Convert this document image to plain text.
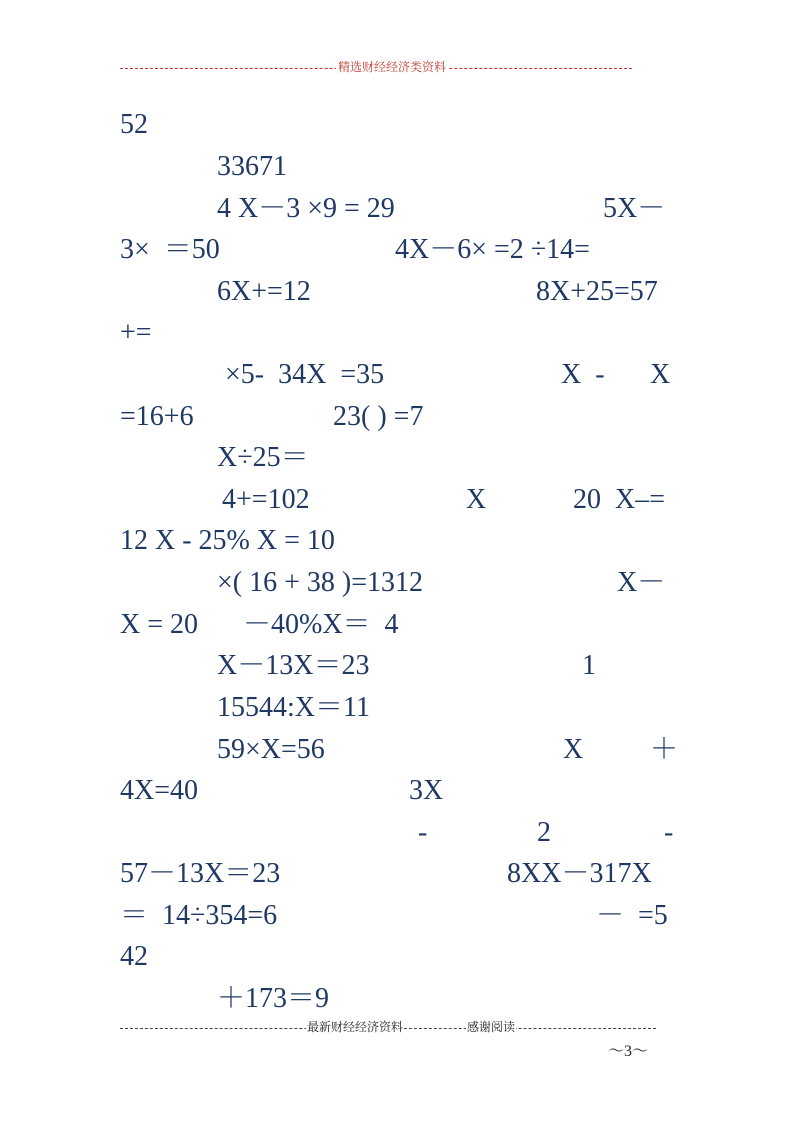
精选财经经济类资料
52
33671
4 X－3 ×9 = 29	5X－
3×  ＝50	4X－6× =2 ÷14=
6X+=12	8X+25=57
+=
×5-  34X  =35	X  - X
=16+6	23( ) =7
X÷25＝
4+=102	X	20  X–=
12 X - 25% X = 10
×( 16 + 38 )=1312	X－
X = 20 －40%X＝  4
X－13X＝23	1
15544:X＝11
59×X=56	X ＋
4X=40	3X
-	2	-
57－13X＝23	8XX－317X
＝  14÷354=6	－  =5
42
＋173＝9
最新财经经济资料	感谢阅读
～3～
